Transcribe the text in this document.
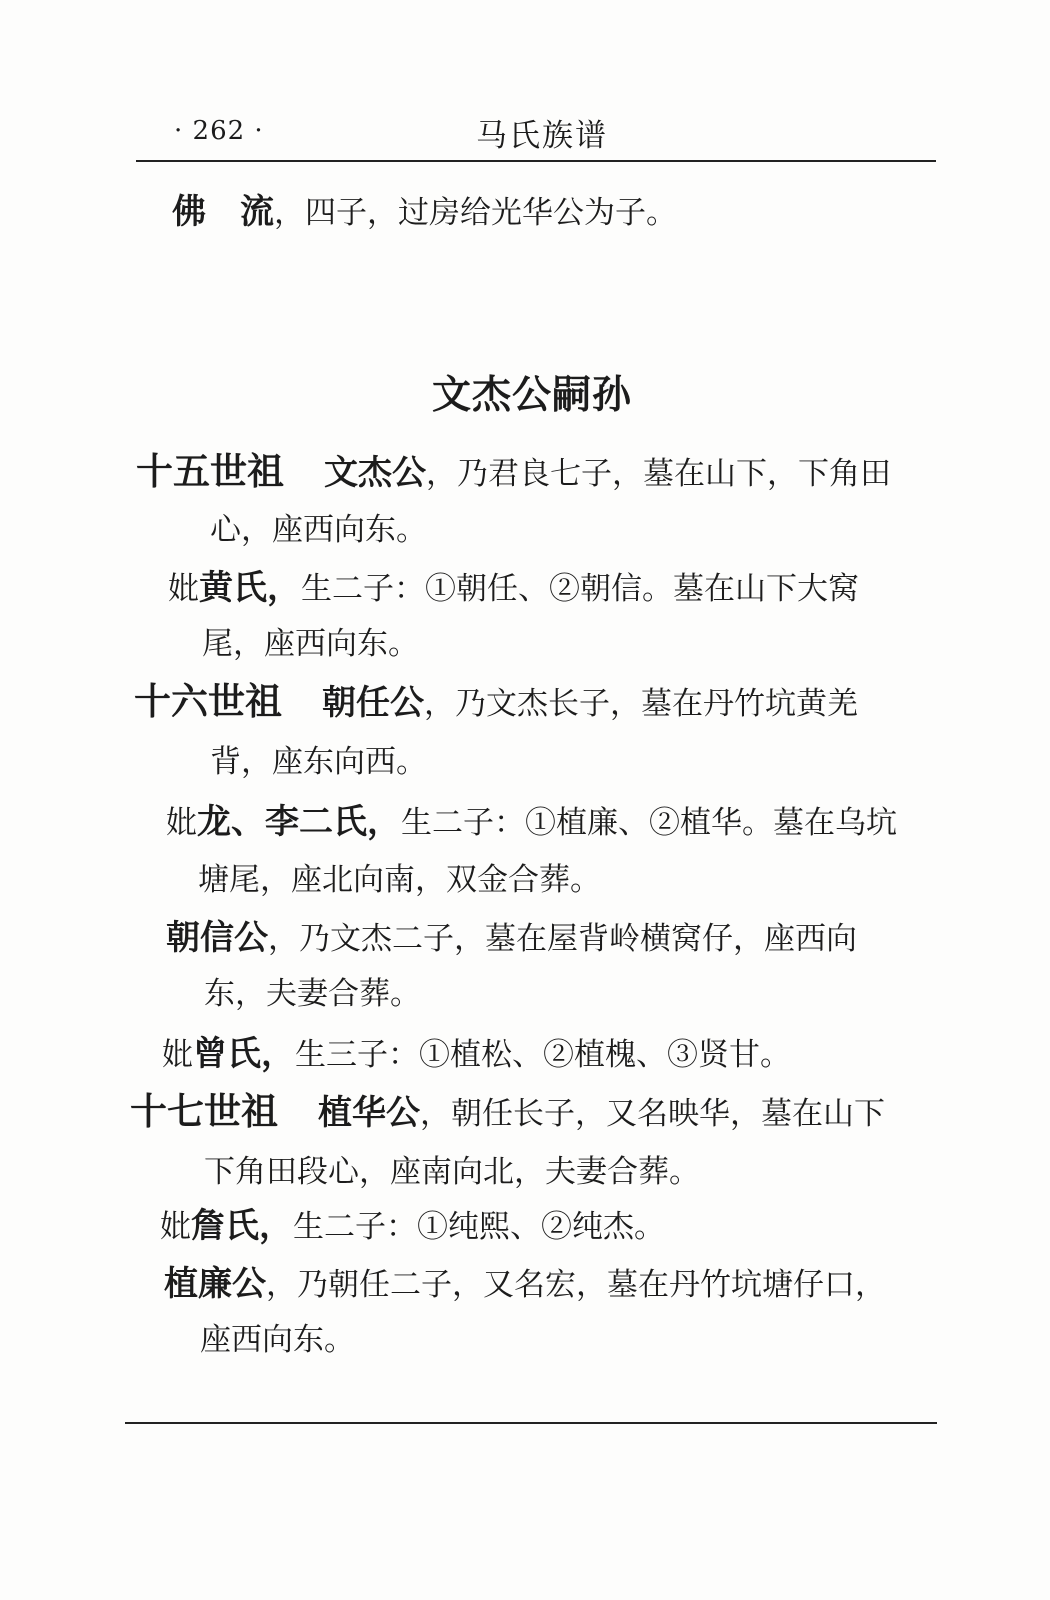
· 262 ·	马氏族谱
佛　流，四子，过房给光华公为子。
文杰公嗣孙
十五世祖 文杰公，乃君良七子，墓在山下，下角田
心，座西向东。
妣黄氏，生二子：①朝任、②朝信。墓在山下大窝
尾，座西向东。
十六世祖 朝任公，乃文杰长子，墓在丹竹坑黄羌
背，座东向西。
妣龙、李二氏，生二子：①植廉、②植华。墓在乌坑
塘尾，座北向南，双金合葬。
朝信公，乃文杰二子，墓在屋背岭横窝仔，座西向
东，夫妻合葬。
妣曾氏，生三子：①植松、②植槐、③贤甘。
十七世祖 植华公，朝任长子，又名映华，墓在山下
下角田段心，座南向北，夫妻合葬。
妣詹氏，生二子：①纯熙、②纯杰。
植廉公，乃朝任二子，又名宏，墓在丹竹坑塘仔口，
座西向东。
